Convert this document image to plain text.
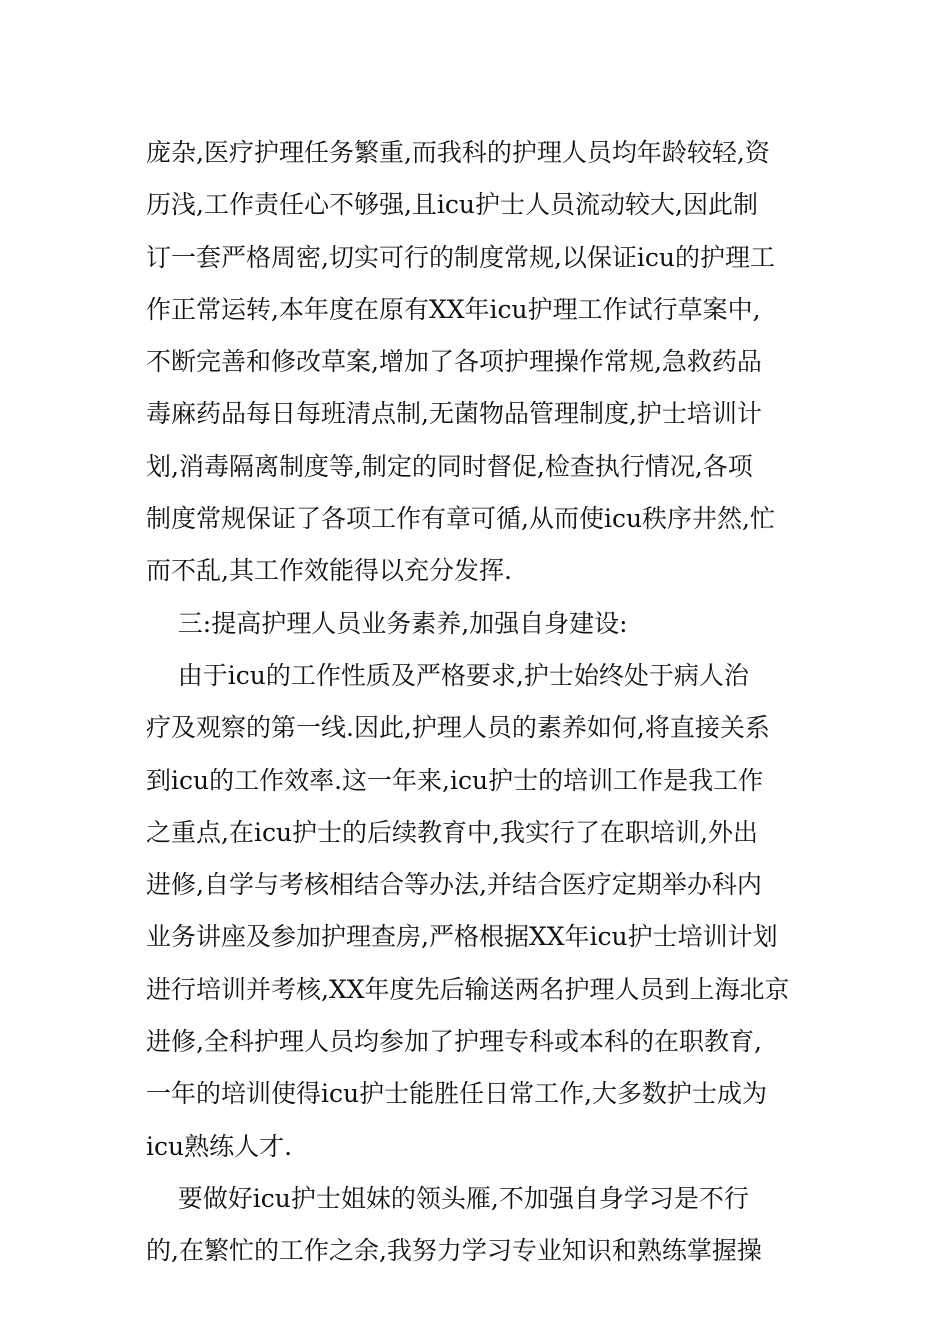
庞杂,医疗护理任务繁重,而我科的护理人员均年龄较轻,资
历浅,工作责任心不够强,且icu护士人员流动较大,因此制
订一套严格周密,切实可行的制度常规,以保证icu的护理工
作正常运转,本年度在原有XX年icu护理工作试行草案中,
不断完善和修改草案,增加了各项护理操作常规,急救药品
毒麻药品每日每班清点制,无菌物品管理制度,护士培训计
划,消毒隔离制度等,制定的同时督促,检查执行情况,各项
制度常规保证了各项工作有章可循,从而使icu秩序井然,忙
而不乱,其工作效能得以充分发挥.
三:提高护理人员业务素养,加强自身建设:
由于icu的工作性质及严格要求,护士始终处于病人治
疗及观察的第一线.因此,护理人员的素养如何,将直接关系
到icu的工作效率.这一年来,icu护士的培训工作是我工作
之重点,在icu护士的后续教育中,我实行了在职培训,外出
进修,自学与考核相结合等办法,并结合医疗定期举办科内
业务讲座及参加护理查房,严格根据XX年icu护士培训计划
进行培训并考核,XX年度先后输送两名护理人员到上海北京
进修,全科护理人员均参加了护理专科或本科的在职教育,
一年的培训使得icu护士能胜任日常工作,大多数护士成为
icu熟练人才.
要做好icu护士姐妹的领头雁,不加强自身学习是不行
的,在繁忙的工作之余,我努力学习专业知识和熟练掌握操
